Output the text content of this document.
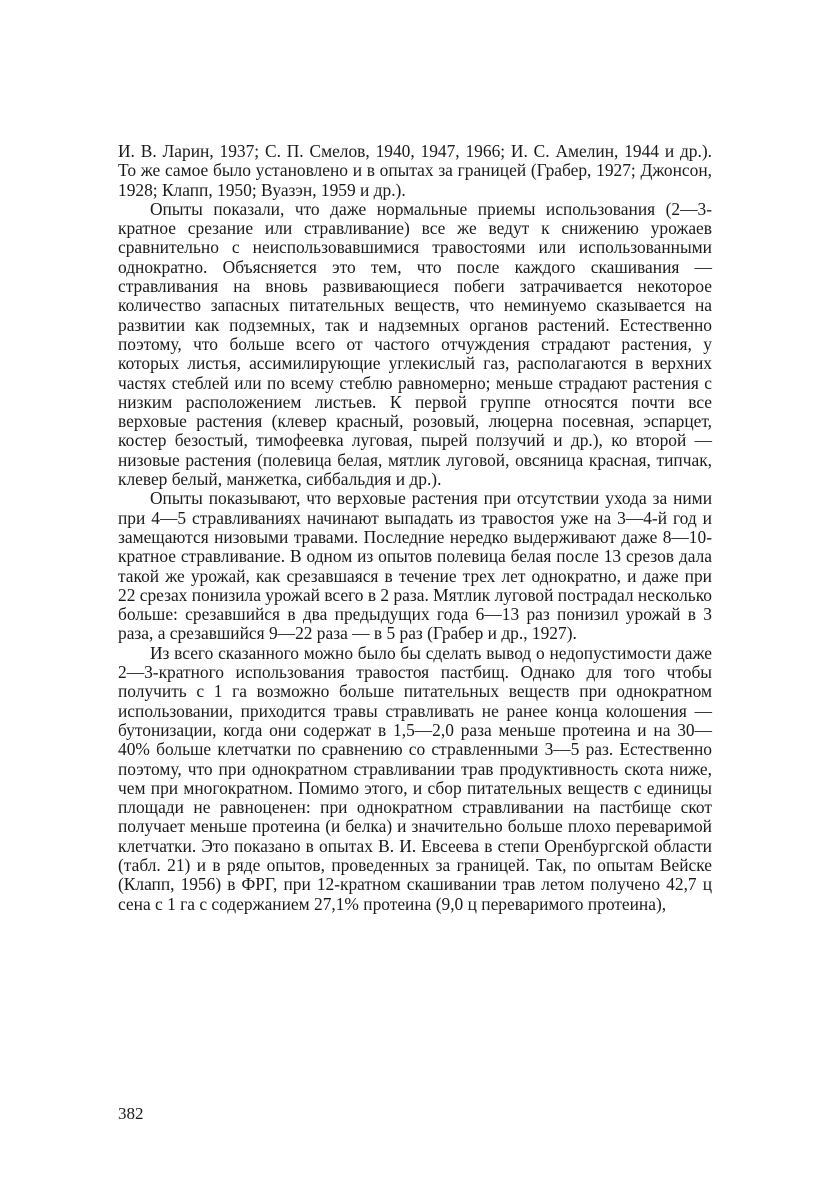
И. В. Ларин, 1937; С. П. Смелов, 1940, 1947, 1966; И. С. Амелин, 1944 и др.). То же самое было установлено и в опытах за границей (Грабер, 1927; Джонсон, 1928; Клапп, 1950; Вуазэн, 1959 и др.).

Опыты показали, что даже нормальные приемы использования (2—3-кратное срезание или стравливание) все же ведут к снижению урожаев сравнительно с неиспользовавшимися травостоями или использованными однократно. Объясняется это тем, что после каждого скашивания — стравливания на вновь развивающиеся побеги затрачивается некоторое количество запасных питательных веществ, что неминуемо сказывается на развитии как подземных, так и надземных органов растений. Естественно поэтому, что больше всего от частого отчуждения страдают растения, у которых листья, ассимилирующие углекислый газ, располагаются в верхних частях стеблей или по всему стеблю равномерно; меньше страдают растения с низким расположением листьев. К первой группе относятся почти все верховые растения (клевер красный, розовый, люцерна посевная, эспарцет, костер безостый, тимофеевка луговая, пырей ползучий и др.), ко второй — низовые растения (полевица белая, мятлик луговой, овсяница красная, типчак, клевер белый, манжетка, сиббальдия и др.).

Опыты показывают, что верховые растения при отсутствии ухода за ними при 4—5 стравливаниях начинают выпадать из травостоя уже на 3—4-й год и замещаются низовыми травами. Последние нередко выдерживают даже 8—10-кратное стравливание. В одном из опытов полевица белая после 13 срезов дала такой же урожай, как срезавшаяся в течение трех лет однократно, и даже при 22 срезах понизила урожай всего в 2 раза. Мятлик луговой пострадал несколько больше: срезавшийся в два предыдущих года 6—13 раз понизил урожай в 3 раза, а срезавшийся 9—22 раза — в 5 раз (Грабер и др., 1927).

Из всего сказанного можно было бы сделать вывод о недопустимости даже 2—3-кратного использования травостоя пастбищ. Однако для того чтобы получить с 1 га возможно больше питательных веществ при однократном использовании, приходится травы стравливать не ранее конца колошения — бутонизации, когда они содержат в 1,5—2,0 раза меньше протеина и на 30—40% больше клетчатки по сравнению со стравленными 3—5 раз. Естественно поэтому, что при однократном стравливании трав продуктивность скота ниже, чем при многократном. Помимо этого, и сбор питательных веществ с единицы площади не равноценен: при однократном стравливании на пастбище скот получает меньше протеина (и белка) и значительно больше плохо переваримой клетчатки. Это показано в опытах В. И. Евсеева в степи Оренбургской области (табл. 21) и в ряде опытов, проведенных за границей. Так, по опытам Вейске (Клапп, 1956) в ФРГ, при 12-кратном скашивании трав летом получено 42,7 ц сена с 1 га с содержанием 27,1% протеина (9,0 ц переваримого протеина),

382
